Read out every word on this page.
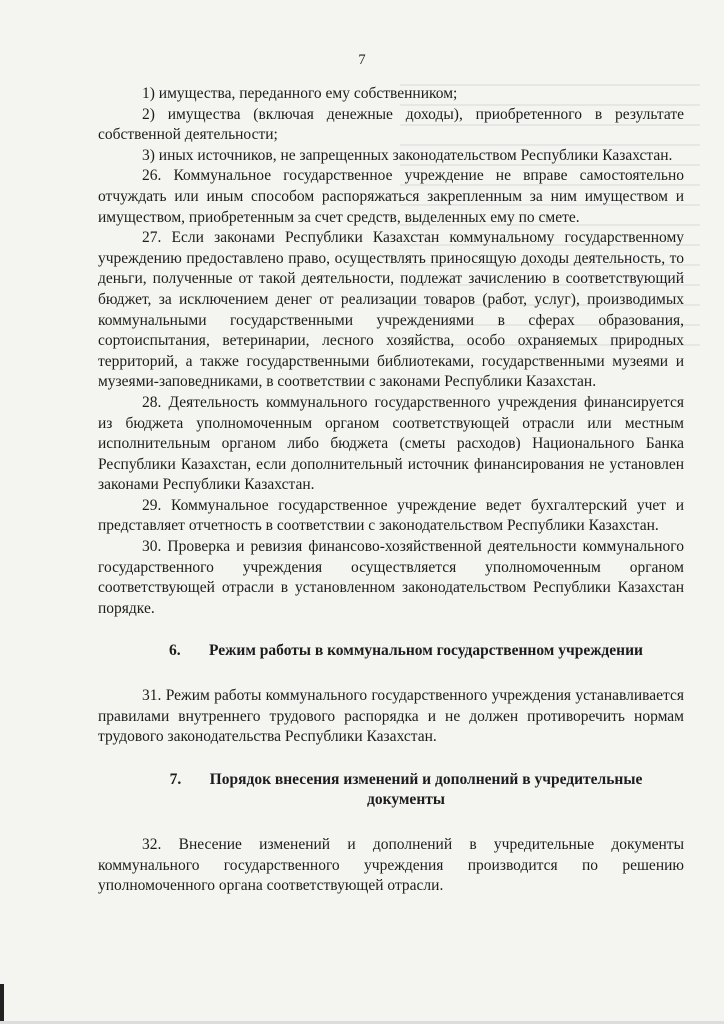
7

1) имущества, переданного ему собственником;

2) имущества (включая денежные доходы), приобретенного в результате собственной деятельности;

3) иных источников, не запрещенных законодательством Республики Казахстан.

26. Коммунальное государственное учреждение не вправе самостоятельно отчуждать или иным способом распоряжаться закрепленным за ним имуществом и имуществом, приобретенным за счет средств, выделенных ему по смете.

27. Если законами Республики Казахстан коммунальному государственному учреждению предоставлено право, осуществлять приносящую доходы деятельность, то деньги, полученные от такой деятельности, подлежат зачислению в соответствующий бюджет, за исключением денег от реализации товаров (работ, услуг), производимых коммунальными государственными учреждениями в сферах образования, сортоиспытания, ветеринарии, лесного хозяйства, особо охраняемых природных территорий, а также государственными библиотеками, государственными музеями и музеями-заповедниками, в соответствии с законами Республики Казахстан.

28. Деятельность коммунального государственного учреждения финансируется из бюджета уполномоченным органом соответствующей отрасли или местным исполнительным органом либо бюджета (сметы расходов) Национального Банка Республики Казахстан, если дополнительный источник финансирования не установлен законами Республики Казахстан.

29. Коммунальное государственное учреждение ведет бухгалтерский учет и представляет отчетность в соответствии с законодательством Республики Казахстан.

30. Проверка и ревизия финансово-хозяйственной деятельности коммунального государственного учреждения осуществляется уполномоченным органом соответствующей отрасли в установленном законодательством Республики Казахстан порядке.

6. Режим работы в коммунальном государственном учреждении

31. Режим работы коммунального государственного учреждения устанавливается правилами внутреннего трудового распорядка и не должен противоречить нормам трудового законодательства Республики Казахстан.

7. Порядок внесения изменений и дополнений в учредительные документы

32. Внесение изменений и дополнений в учредительные документы коммунального государственного учреждения производится по решению уполномоченного органа соответствующей отрасли.
